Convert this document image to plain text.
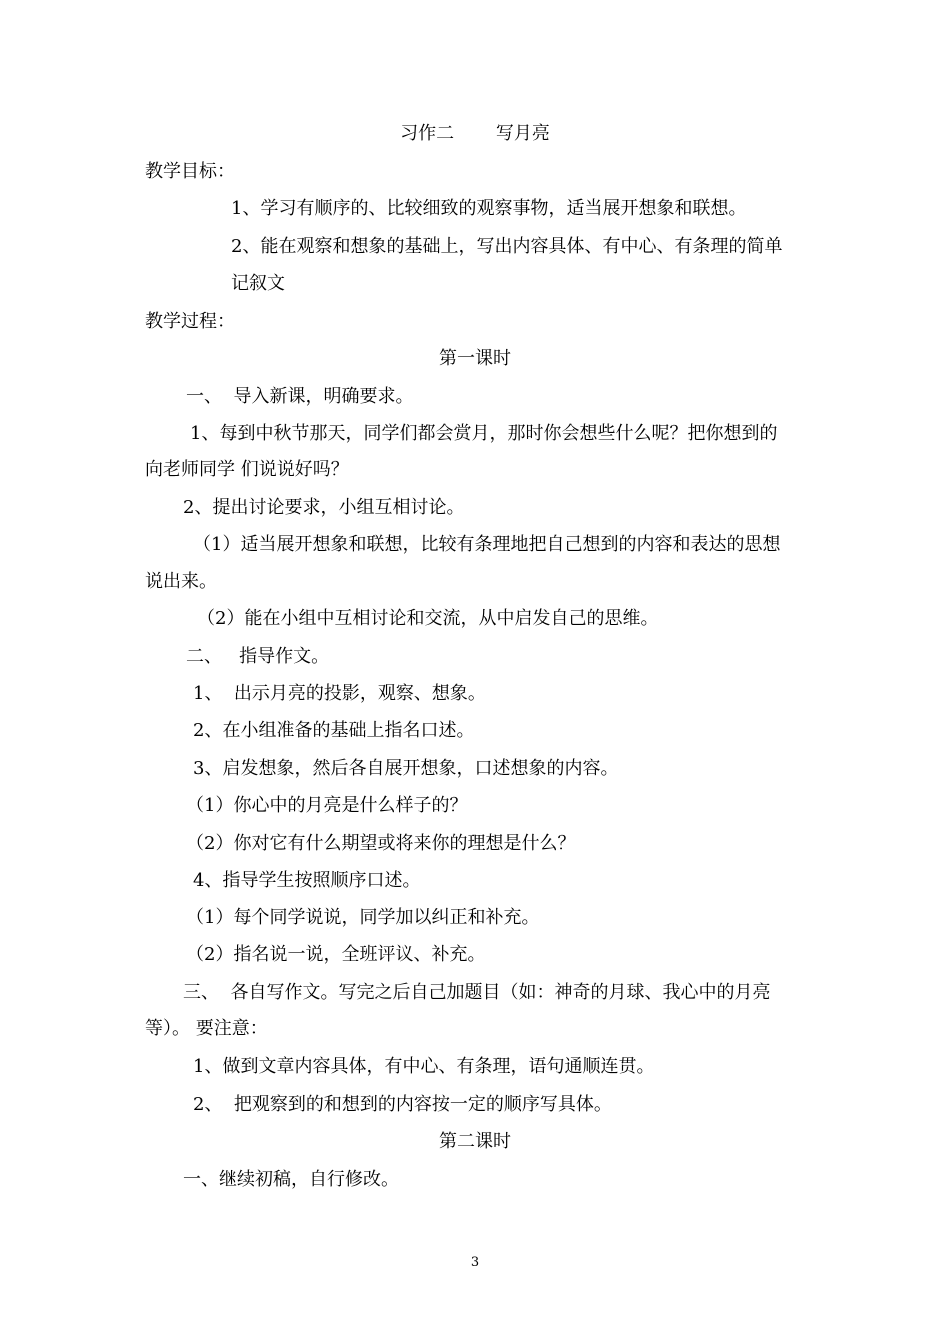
习作二　　 写月亮
教学目标：
1、学习有顺序的、比较细致的观察事物，适当展开想象和联想。
2、能在观察和想象的基础上，写出内容具体、有中心、有条理的简单
记叙文
教学过程：
第一课时
一、  导入新课，明确要求。
1、每到中秋节那天，同学们都会赏月，那时你会想些什么呢？把你想到的
向老师同学 们说说好吗？
2、提出讨论要求，小组互相讨论。
（1）适当展开想象和联想，比较有条理地把自己想到的内容和表达的思想
说出来。
（2）能在小组中互相讨论和交流，从中启发自己的思维。
二、   指导作文。
1、  出示月亮的投影，观察、想象。
2、在小组准备的基础上指名口述。
3、启发想象，然后各自展开想象，口述想象的内容。
（1）你心中的月亮是什么样子的？
（2）你对它有什么期望或将来你的理想是什么？
4、指导学生按照顺序口述。
（1）每个同学说说，同学加以纠正和补充。
（2）指名说一说，全班评议、补充。
三、  各自写作文。写完之后自己加题目（如：神奇的月球、我心中的月亮
等）。 要注意：
1、做到文章内容具体，有中心、有条理，语句通顺连贯。
2、  把观察到的和想到的内容按一定的顺序写具体。
第二课时
一、继续初稿，自行修改。
3
